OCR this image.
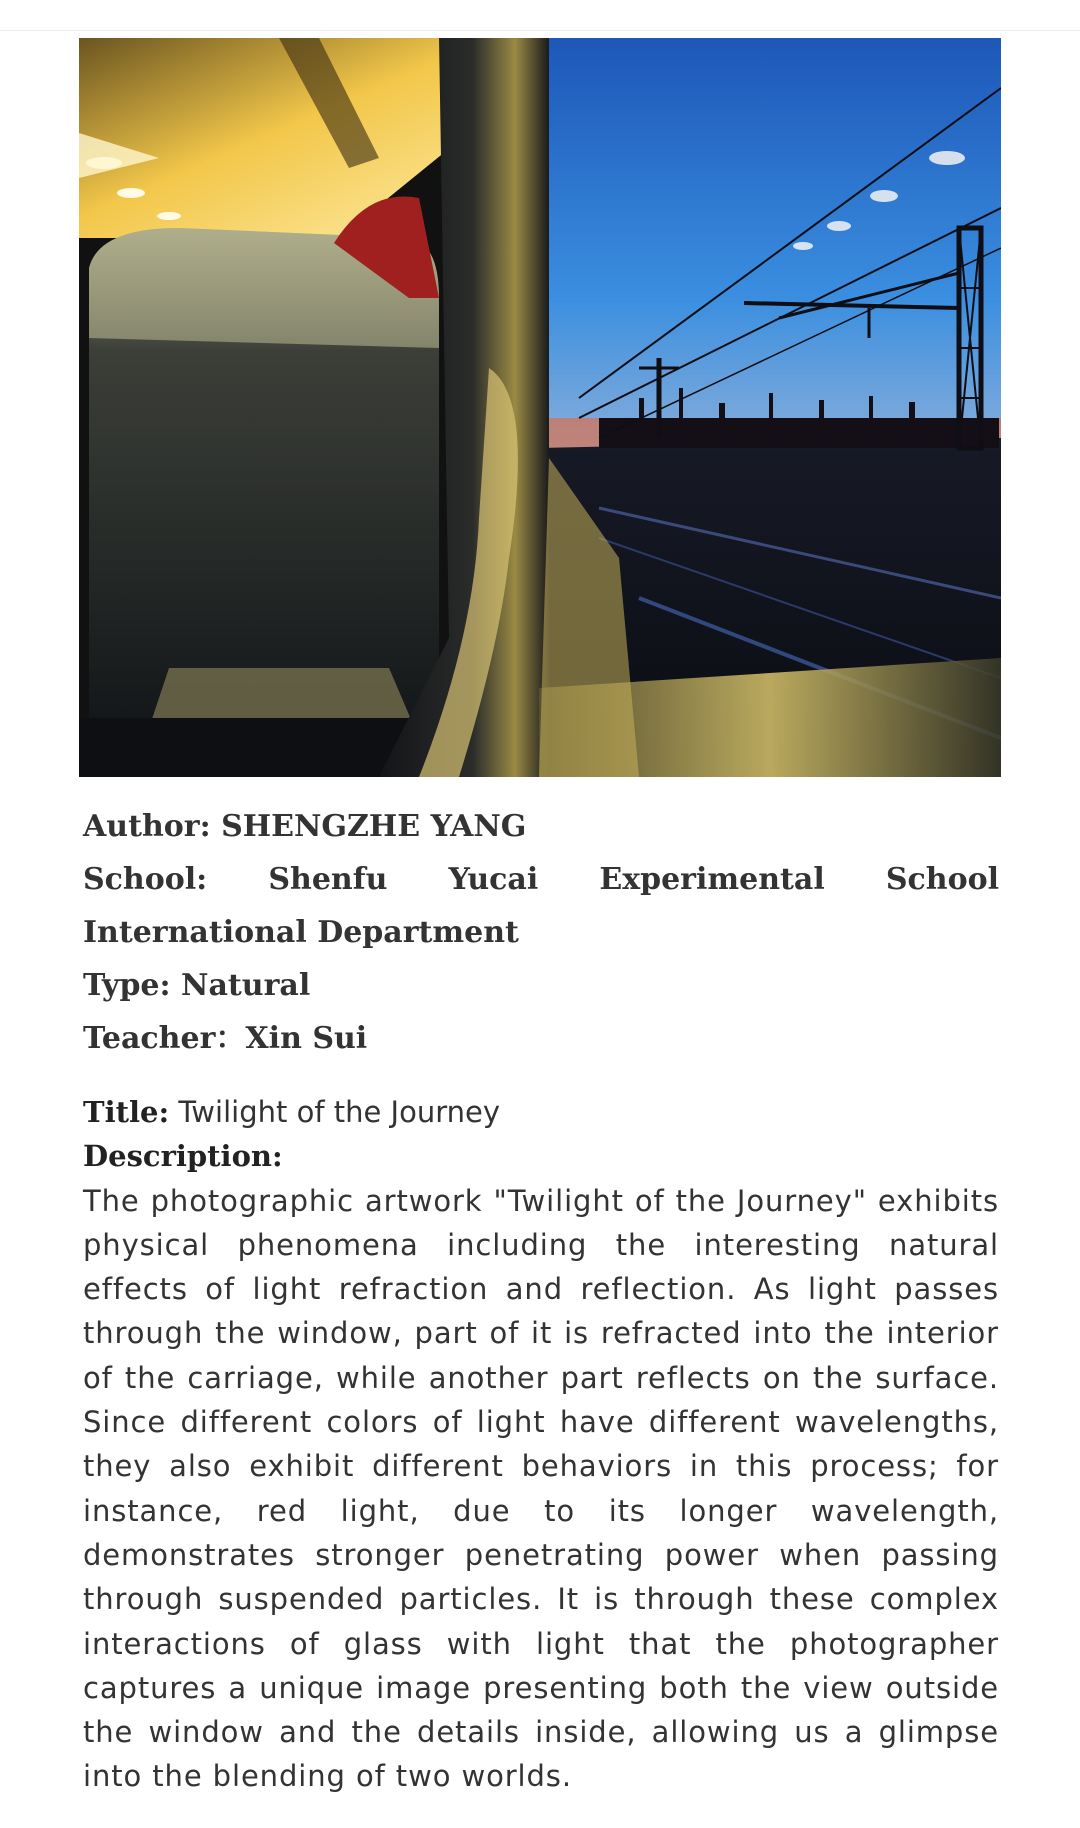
Author: SHENGZHE YANG

School: Shenfu Yucai Experimental School International Department

Type: Natural

Teacher：Xin Sui

Title: Twilight of the Journey

Description:

The photographic artwork "Twilight of the Journey" exhibits physical phenomena including the interesting natural effects of light refraction and reflection. As light passes through the window, part of it is refracted into the interior of the carriage, while another part reflects on the surface. Since different colors of light have different wavelengths, they also exhibit different behaviors in this process; for instance, red light, due to its longer wavelength, demonstrates stronger penetrating power when passing through suspended particles. It is through these complex interactions of glass with light that the photographer captures a unique image presenting both the view outside the window and the details inside, allowing us a glimpse into the blending of two worlds.
